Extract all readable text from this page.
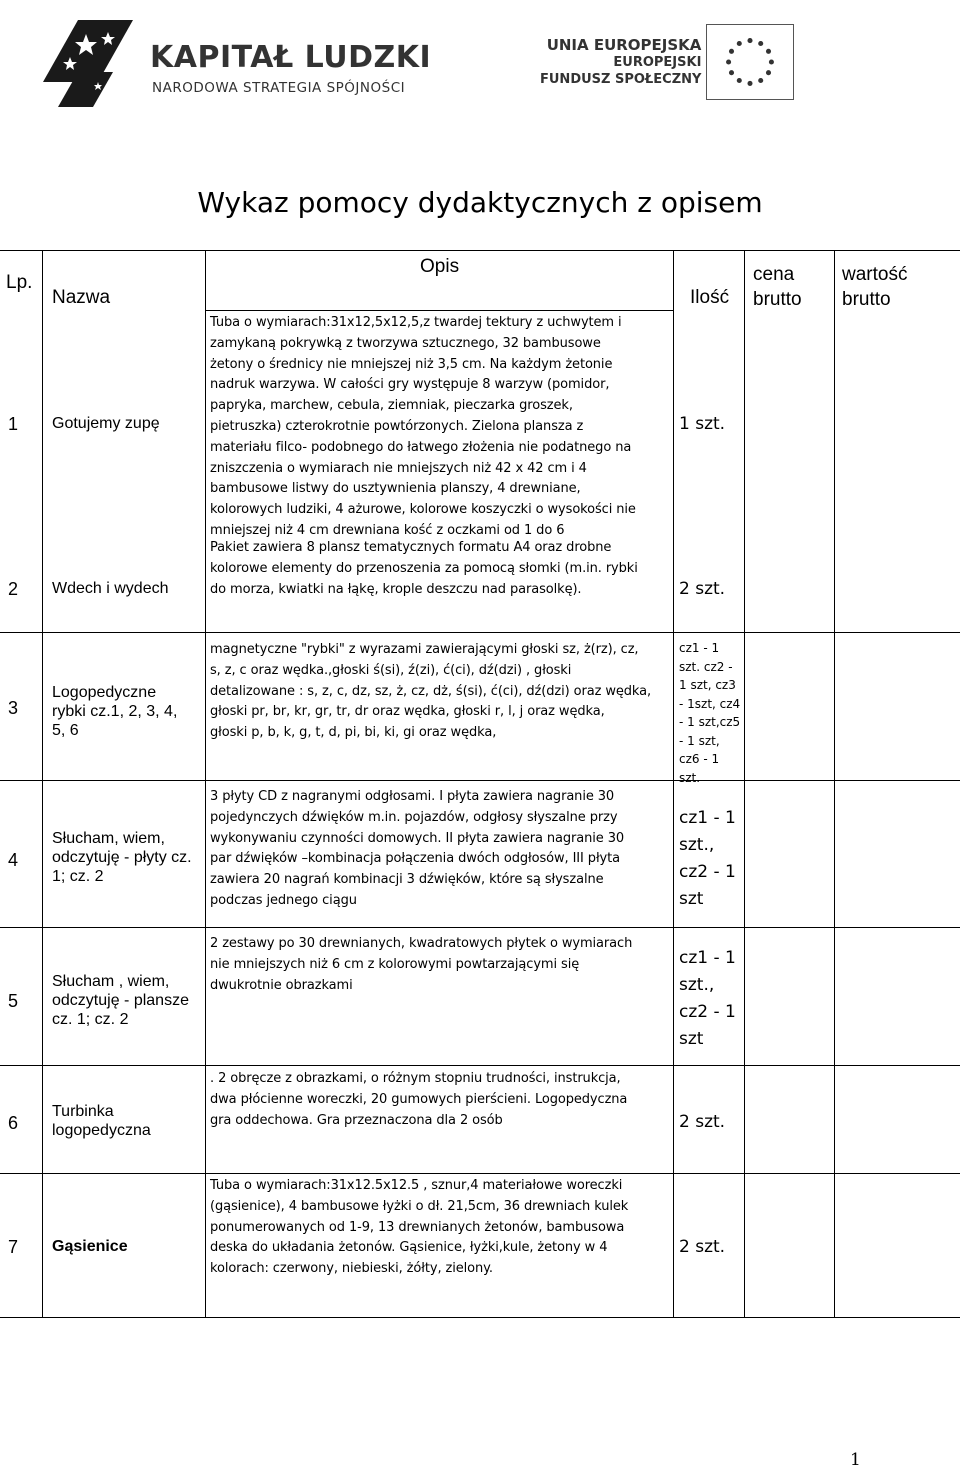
KAPITAŁ LUDZKI
NARODOWA STRATEGIA SPÓJNOŚCI
UNIA EUROPEJSKA
EUROPEJSKI
FUNDUSZ SPOŁECZNY
Wykaz pomocy dydaktycznych z opisem
Lp.
Nazwa
Opis
Ilość
cena
brutto
wartość
brutto
1 Gotujemy zupę
Tuba o wymiarach:31x12,5x12,5,z twardej tektury z uchwytem i
zamykaną pokrywką z tworzywa sztucznego, 32 bambusowe
żetony o średnicy nie mniejszej niż 3,5 cm. Na każdym żetonie
nadruk warzywa. W całości gry występuje 8 warzyw (pomidor,
papryka, marchew, cebula, ziemniak, pieczarka groszek,
pietruszka) czterokrotnie powtórzonych. Zielona plansza z
materiału filco- podobnego do łatwego złożenia nie podatnego na
zniszczenia o wymiarach nie mniejszych niż 42 x 42 cm i 4
bambusowe listwy do usztywnienia planszy, 4 drewniane,
kolorowych ludziki, 4 ażurowe, kolorowe koszyczki o wysokości nie
mniejszej niż 4 cm drewniana kość z oczkami od 1 do 6
1 szt.
2 Wdech i wydech
Pakiet zawiera 8 plansz tematycznych formatu A4 oraz drobne
kolorowe elementy do przenoszenia za pomocą słomki (m.in. rybki
do morza, kwiatki na łąkę, krople deszczu nad parasolkę).	2 szt.
3
Logopedyczne
rybki cz.1, 2, 3, 4,
5, 6
magnetyczne "rybki" z wyrazami zawierającymi głoski sz, ż(rz), cz,
s, z, c oraz wędka.,głoski ś(si), ź(zi), ć(ci), dź(dzi) , głoski
detalizowane : s, z, c, dz, sz, ż, cz, dż, ś(si), ć(ci), dź(dzi) oraz wędka,
głoski pr, br, kr, gr, tr, dr oraz wędka, głoski r, l, j oraz wędka,
głoski p, b, k, g, t, d, pi, bi, ki, gi oraz wędka,
cz1 - 1
szt. cz2 -
1 szt, cz3
- 1szt, cz4
- 1 szt,cz5
- 1 szt,
cz6 - 1
szt.
4
Słucham, wiem,
odczytuję - płyty cz.
1; cz. 2
3 płyty CD z nagranymi odgłosami. I płyta zawiera nagranie 30
pojedynczych dźwięków m.in. pojazdów, odgłosy słyszalne przy
wykonywaniu czynności domowych. II płyta zawiera nagranie 30
par dźwięków –kombinacja połączenia dwóch odgłosów, III płyta
zawiera 20 nagrań kombinacji 3 dźwięków, które są słyszalne
podczas jednego ciągu
cz1 - 1
szt.,
cz2 - 1
szt
5
Słucham , wiem,
odczytuję - plansze
cz. 1; cz. 2
2 zestawy po 30 drewnianych, kwadratowych płytek o wymiarach
nie mniejszych niż 6 cm z kolorowymi powtarzającymi się
dwukrotnie obrazkami
cz1 - 1
szt.,
cz2 - 1
szt
6
Turbinka
logopedyczna
. 2 obręcze z obrazkami, o różnym stopniu trudności, instrukcja,
dwa płócienne woreczki, 20 gumowych pierścieni. Logopedyczna
gra oddechowa. Gra przeznaczona dla 2 osób	2 szt.
7 Gąsienice
Tuba o wymiarach:31x12.5x12.5 , sznur,4 materiałowe woreczki
(gąsienice), 4 bambusowe łyżki o dł. 21,5cm, 36 drewniach kulek
ponumerowanych od 1-9, 13 drewnianych żetonów, bambusowa
deska do układania żetonów. Gąsienice, łyżki,kule, żetony w 4
kolorach: czerwony, niebieski, żółty, zielony.
2 szt.
1
